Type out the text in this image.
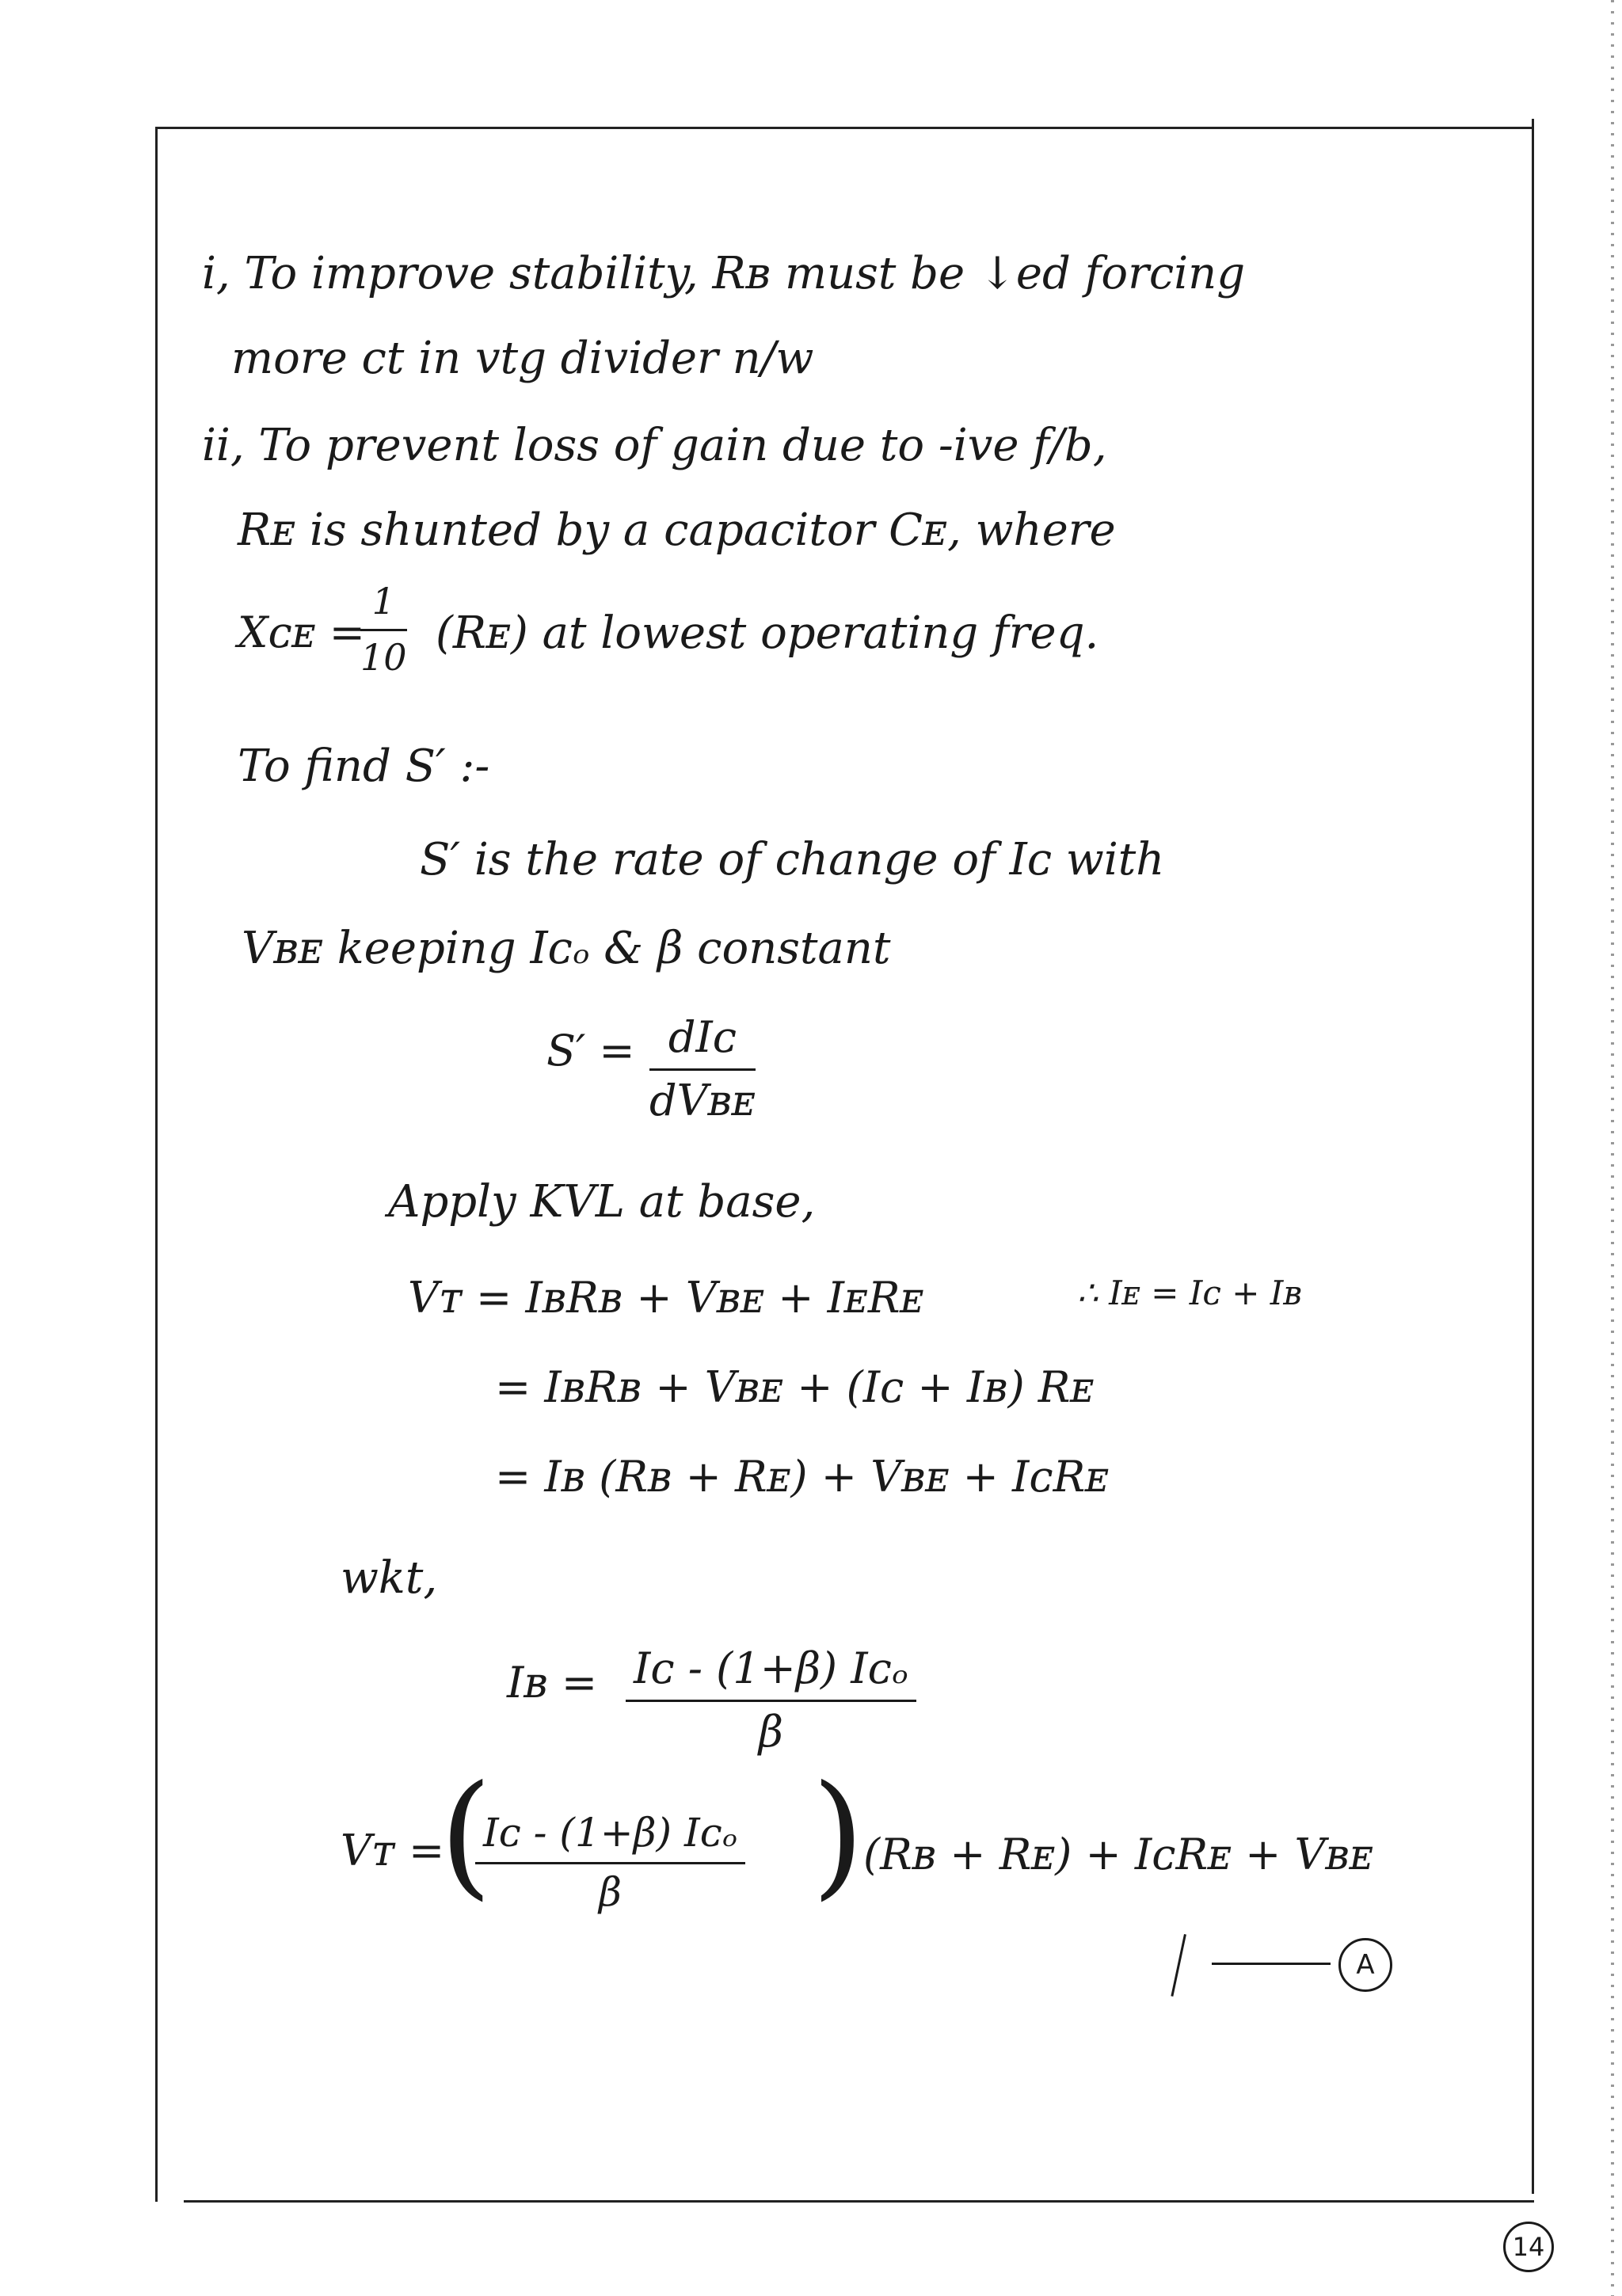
i, To improve stability, Rʙ must be ↓ed forcing
more ct in vtg divider n/w
ii, To prevent loss of gain due to -ive f/b,
Rᴇ is shunted by a capacitor Cᴇ, where
Xᴄᴇ =
$\frac{1}{10}$ (Rᴇ) at lowest operating freq.
To find S′ :-
S′ is the rate of change of Iᴄ with
Vʙᴇ keeping Iᴄₒ & β constant
S′ = dIᴄ
dVʙᴇ
Apply KVL at base,
Vᴛ = IʙRʙ + Vʙᴇ + IᴇRᴇ	∴ Iᴇ = Iᴄ + Iʙ
= IʙRʙ + Vʙᴇ + (Iᴄ + Iʙ) Rᴇ
= Iʙ (Rʙ + Rᴇ) + Vʙᴇ + IᴄRᴇ
wkt,
Iʙ = Iᴄ - (1+β) Iᴄₒ
β
Vᴛ =
(
Iᴄ - (1+β) Iᴄₒ
β	)
(Rʙ + Rᴇ) + IᴄRᴇ + Vʙᴇ
A
14
